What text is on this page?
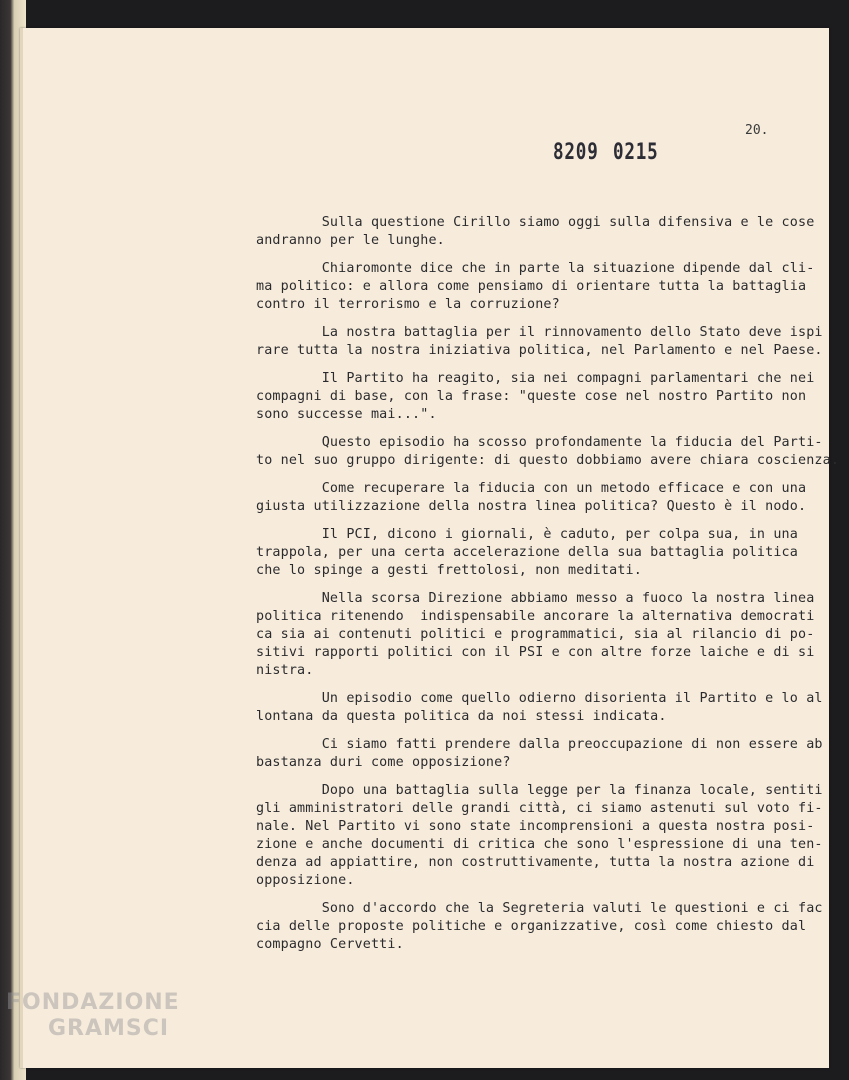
20.
8209 0215

Sulla questione Cirillo siamo oggi sulla difensiva e le cose
andranno per le lunghe.

Chiaromonte dice che in parte la situazione dipende dal cli-
ma politico: e allora come pensiamo di orientare tutta la battaglia
contro il terrorismo e la corruzione?

La nostra battaglia per il rinnovamento dello Stato deve ispi
rare tutta la nostra iniziativa politica, nel Parlamento e nel Paese.

Il Partito ha reagito, sia nei compagni parlamentari che nei
compagni di base, con la frase: "queste cose nel nostro Partito non
sono successe mai...".

Questo episodio ha scosso profondamente la fiducia del Parti-
to nel suo gruppo dirigente: di questo dobbiamo avere chiara coscienza.

Come recuperare la fiducia con un metodo efficace e con una
giusta utilizzazione della nostra linea politica? Questo è il nodo.

Il PCI, dicono i giornali, è caduto, per colpa sua, in una
trappola, per una certa accelerazione della sua battaglia politica
che lo spinge a gesti frettolosi, non meditati.

Nella scorsa Direzione abbiamo messo a fuoco la nostra linea
politica ritenendo  indispensabile ancorare la alternativa democrati
ca sia ai contenuti politici e programmatici, sia al rilancio di po-
sitivi rapporti politici con il PSI e con altre forze laiche e di si
nistra.

Un episodio come quello odierno disorienta il Partito e lo al
lontana da questa politica da noi stessi indicata.

Ci siamo fatti prendere dalla preoccupazione di non essere ab
bastanza duri come opposizione?

Dopo una battaglia sulla legge per la finanza locale, sentiti
gli amministratori delle grandi città, ci siamo astenuti sul voto fi-
nale. Nel Partito vi sono state incomprensioni a questa nostra posi-
zione e anche documenti di critica che sono l'espressione di una ten-
denza ad appiattire, non costruttivamente, tutta la nostra azione di
opposizione.

Sono d'accordo che la Segreteria valuti le questioni e ci fac
cia delle proposte politiche e organizzative, così come chiesto dal
compagno Cervetti.

FONDAZIONE
GRAMSCI
